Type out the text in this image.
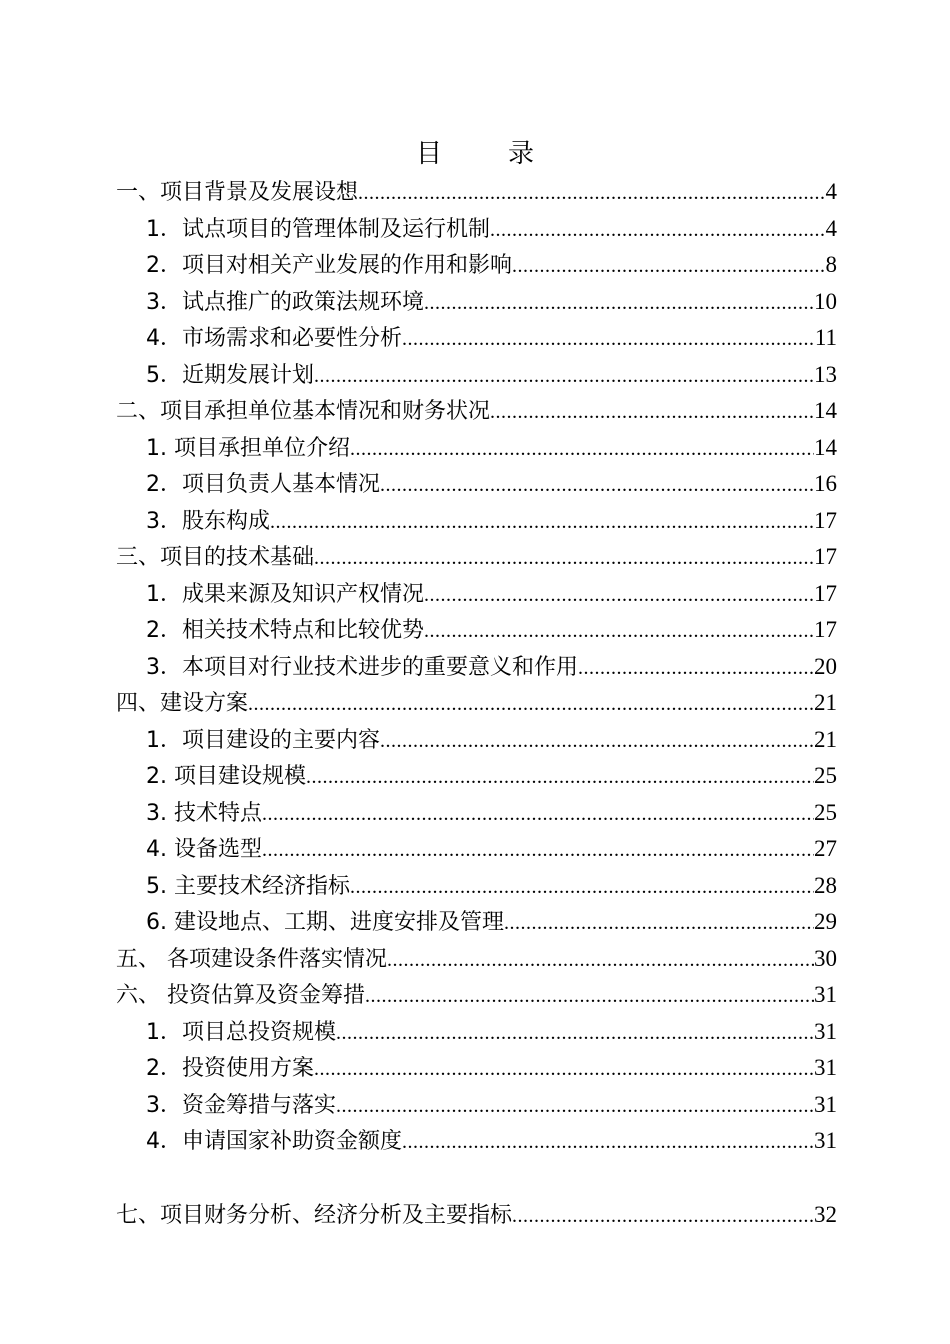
目　录
一、项目背景及发展设想 .....	4
1．试点项目的管理体制及运行机制 .....	4
2．项目对相关产业发展的作用和影响 .....	8
3．试点推广的政策法规环境 .....	10
4．市场需求和必要性分析 .....	11
5．近期发展计划 .....	13
二、项目承担单位基本情况和财务状况 .....	14
1. 项目承担单位介绍 .....	14
2．项目负责人基本情况 .....	16
3．股东构成 .....	17
三、项目的技术基础 .....	17
1．成果来源及知识产权情况 .....	17
2．相关技术特点和比较优势 .....	17
3．本项目对行业技术进步的重要意义和作用 .....	20
四、建设方案 .....	21
1．项目建设的主要内容 .....	21
2. 项目建设规模 .....	25
3. 技术特点 .....	25
4. 设备选型 .....	27
5. 主要技术经济指标 .....	28
6. 建设地点、工期、进度安排及管理 .....	29
五、 各项建设条件落实情况 .....	30
六、 投资估算及资金筹措 .....	31
1．项目总投资规模 .....	31
2．投资使用方案 .....	31
3．资金筹措与落实 .....	31
4．申请国家补助资金额度 .....	31
七、项目财务分析、经济分析及主要指标 .....	32
